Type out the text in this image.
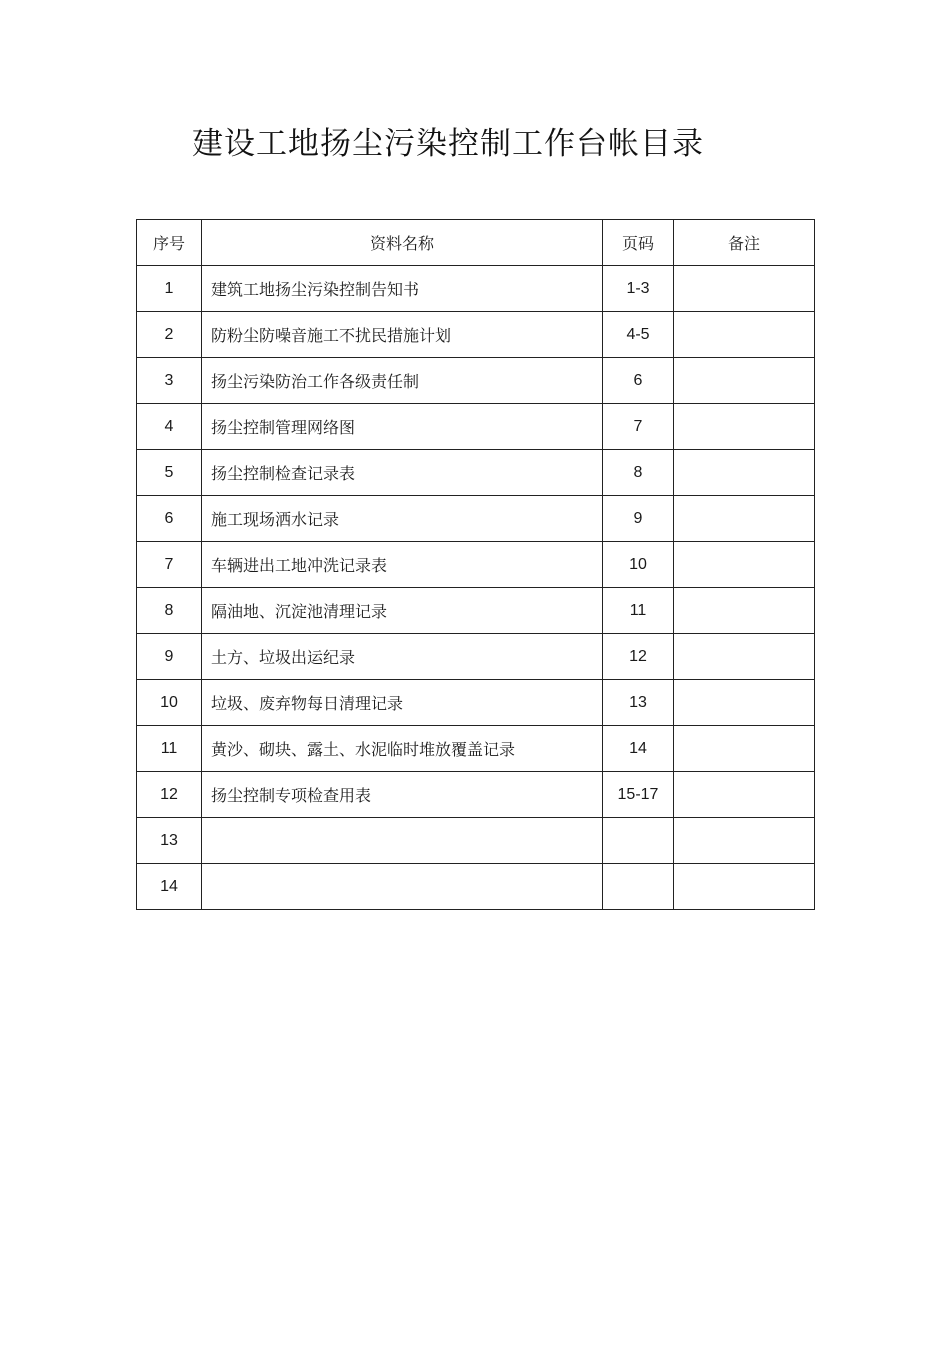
建设工地扬尘污染控制工作台帐目录
序号	资料名称	页码	备注
1	建筑工地扬尘污染控制告知书	1-3	
2	防粉尘防噪音施工不扰民措施计划	4-5	
3	扬尘污染防治工作各级责任制	6	
4	扬尘控制管理网络图	7	
5	扬尘控制检查记录表	8	
6	施工现场洒水记录	9	
7	车辆进出工地冲洗记录表	10	
8	隔油地、沉淀池清理记录	11	
9	土方、垃圾出运纪录	12	
10	垃圾、废弃物每日清理记录	13	
11	黄沙、砌块、露土、水泥临时堆放覆盖记录	14	
12	扬尘控制专项检查用表	15-17	
13			
14			
